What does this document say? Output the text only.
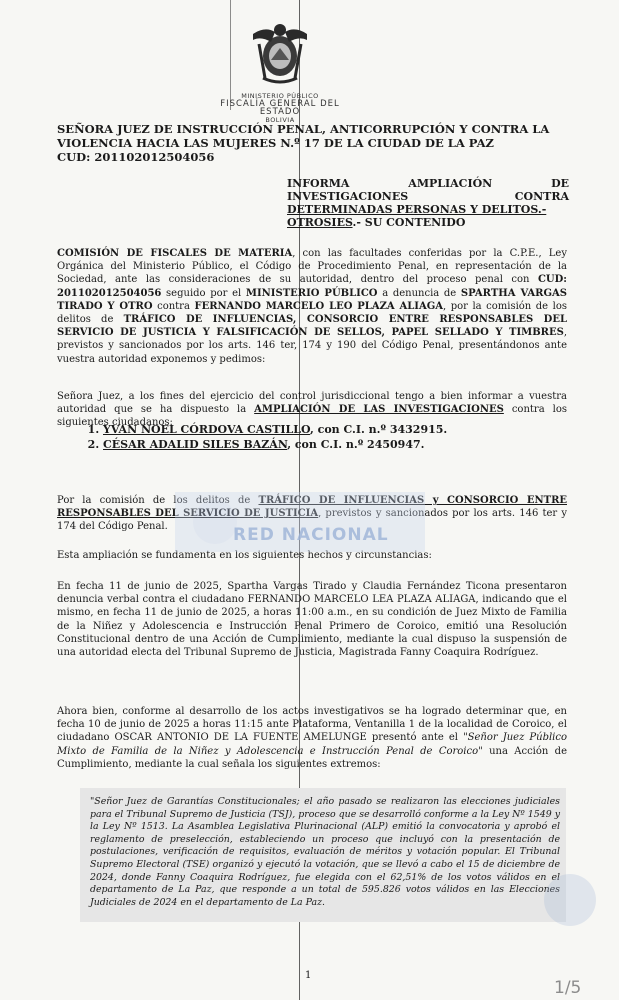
MINISTERIO PÚBLICO
FISCALÍA GENERAL DEL ESTADO
BOLIVIA
SEÑORA JUEZ DE INSTRUCCIÓN PENAL, ANTICORRUPCIÓN Y CONTRA LA
VIOLENCIA HACIA LAS MUJERES N.º 17 DE LA CIUDAD DE LA PAZ
CUD: 201102012504056
INFORMA AMPLIACIÓN DE
INVESTIGACIONES CONTRA
DETERMINADAS PERSONAS Y DELITOS.-
OTROSIES.- SU CONTENIDO
COMISIÓN DE FISCALES DE MATERIA, con las facultades conferidas por la C.P.E., Ley Orgánica del Ministerio Público, el Código de Procedimiento Penal, en representación de la Sociedad, ante las consideraciones de su autoridad, dentro del proceso penal con CUD: 201102012504056 seguido por el MINISTERIO PÚBLICO a denuncia de SPARTHA VARGAS TIRADO Y OTRO contra FERNANDO MARCELO LEO PLAZA ALIAGA, por la comisión de los delitos de TRÁFICO DE INFLUENCIAS, CONSORCIO ENTRE RESPONSABLES DEL SERVICIO DE JUSTICIA Y FALSIFICACIÓN DE SELLOS, PAPEL SELLADO Y TIMBRES, previstos y sancionados por los arts. 146 ter, 174 y 190 del Código Penal, presentándonos ante vuestra autoridad exponemos y pedimos:
Señora Juez, a los fines del ejercicio del control jurisdiccional tengo a bien informar a vuestra autoridad que se ha dispuesto la AMPLIACIÓN DE LAS INVESTIGACIONES contra los siguientes ciudadanos:
1. YVAN NOEL CÓRDOVA CASTILLO, con C.I. n.º 3432915.
2. CÉSAR ADALID SILES BAZÁN, con C.I. n.º 2450947.
Por la comisión de los delitos de TRÁFICO DE INFLUENCIAS y CONSORCIO ENTRE RESPONSABLES DEL SERVICIO DE JUSTICIA, previstos y sancionados por los arts. 146 ter y 174 del Código Penal.
Esta ampliación se fundamenta en los siguientes hechos y circunstancias:
En fecha 11 de junio de 2025, Spartha Vargas Tirado y Claudia Fernández Ticona presentaron denuncia verbal contra el ciudadano FERNANDO MARCELO LEA PLAZA ALIAGA, indicando que el mismo, en fecha 11 de junio de 2025, a horas 11:00 a.m., en su condición de Juez Mixto de Familia de la Niñez y Adolescencia e Instrucción Penal Primero de Coroico, emitió una Resolución Constitucional dentro de una Acción de Cumplimiento, mediante la cual dispuso la suspensión de una autoridad electa del Tribunal Supremo de Justicia, Magistrada Fanny Coaquira Rodríguez.
Ahora bien, conforme al desarrollo de los actos investigativos se ha logrado determinar que, en fecha 10 de junio de 2025 a horas 11:15 ante Plataforma, Ventanilla 1 de la localidad de Coroico, el ciudadano OSCAR ANTONIO DE LA FUENTE AMELUNGE presentó ante el "Señor Juez Público Mixto de Familia de la Niñez y Adolescencia e Instrucción Penal de Coroico" una Acción de Cumplimiento, mediante la cual señala los siguientes extremos:
"Señor Juez de Garantías Constitucionales; el año pasado se realizaron las elecciones judiciales para el Tribunal Supremo de Justicia (TSJ), proceso que se desarrolló conforme a la Ley Nº 1549 y la Ley Nº 1513. La Asamblea Legislativa Plurinacional (ALP) emitió la convocatoria y aprobó el reglamento de preselección, estableciendo un proceso que incluyó con la presentación de postulaciones, verificación de requisitos, evaluación de méritos y votación popular. El Tribunal Supremo Electoral (TSE) organizó y ejecutó la votación, que se llevó a cabo el 15 de diciembre de 2024, donde Fanny Coaquira Rodríguez, fue elegida con el 62,51% de los votos válidos en el departamento de La Paz, que responde a un total de 595.826 votos válidos en las Elecciones Judiciales de 2024 en el departamento de La Paz.
RED NACIONAL
1
1/5
